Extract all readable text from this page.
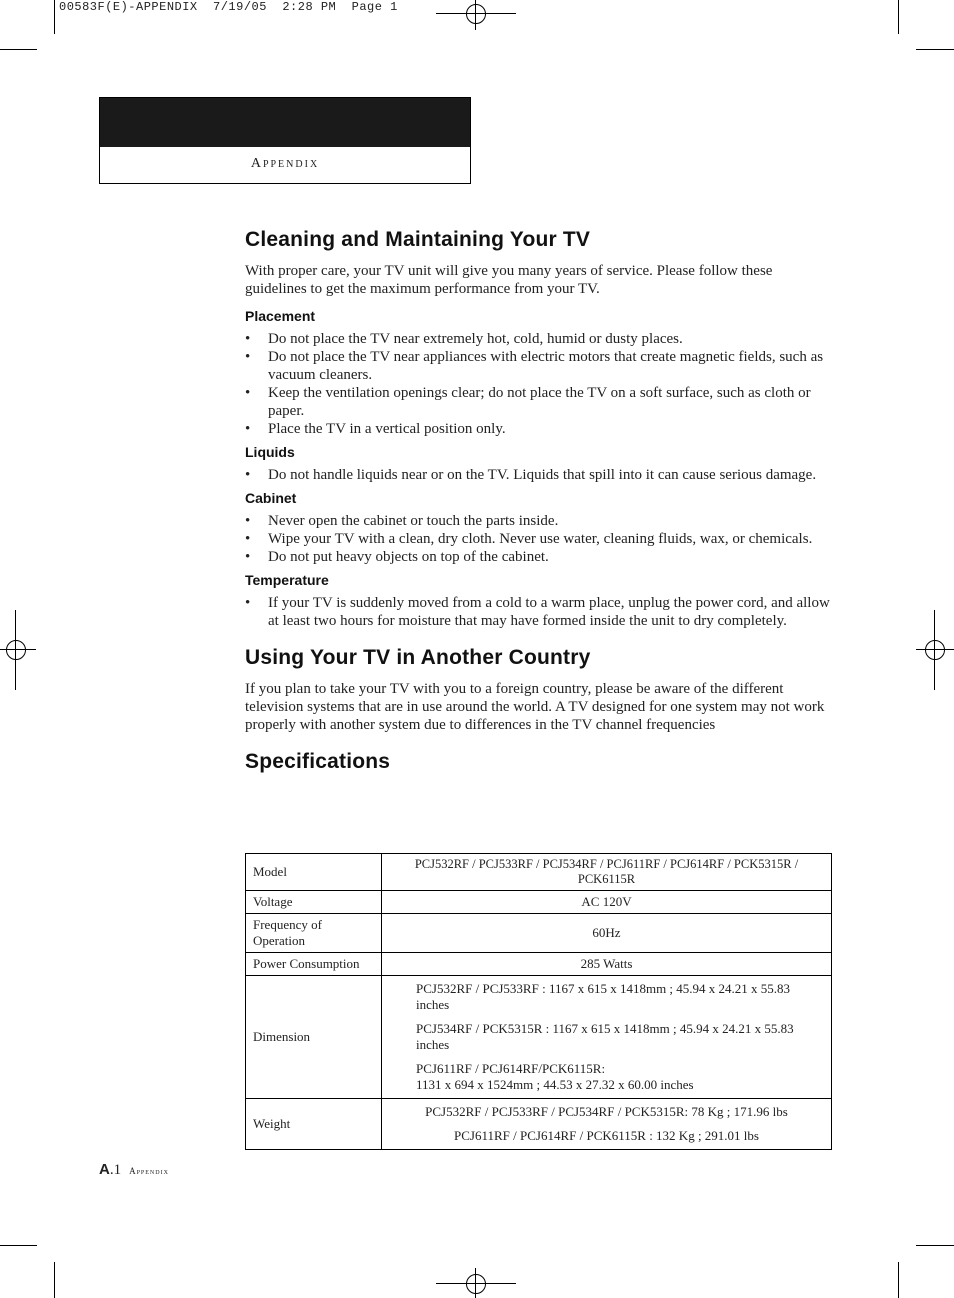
00583F(E)-APPENDIX  7/19/05  2:28 PM  Page 1
Appendix
Cleaning and Maintaining Your TV

With proper care, your TV unit will give you many years of service. Please follow these guidelines to get the maximum performance from your TV.

Placement
• Do not place the TV near extremely hot, cold, humid or dusty places.
• Do not place the TV near appliances with electric motors that create magnetic fields, such as vacuum cleaners.
• Keep the ventilation openings clear; do not place the TV on a soft surface, such as cloth or paper.
• Place the TV in a vertical position only.
Liquids
• Do not handle liquids near or on the TV. Liquids that spill into it can cause serious damage.
Cabinet
• Never open the cabinet or touch the parts inside.
• Wipe your TV with a clean, dry cloth. Never use water, cleaning fluids, wax, or chemicals.
• Do not put heavy objects on top of the cabinet.
Temperature
• If your TV is suddenly moved from a cold to a warm place, unplug the power cord, and allow at least two hours for moisture that may have formed inside the unit to dry completely.
Using Your TV in Another Country

If you plan to take your TV with you to a foreign country, please be aware of the different television systems that are in use around the world. A TV designed for one system may not work properly with another system due to differences in the TV channel frequencies

Specifications
Model	PCJ532RF / PCJ533RF / PCJ534RF / PCJ611RF / PCJ614RF / PCK5315R / PCK6115R
Voltage	AC 120V
Frequency of Operation	60Hz
Power Consumption	285 Watts
Dimension	PCJ532RF / PCJ533RF : 1167 x 615 x 1418mm ; 45.94 x 24.21 x 55.83 inches
PCJ534RF / PCK5315R : 1167 x 615 x 1418mm ; 45.94 x 24.21 x 55.83 inches
PCJ611RF / PCJ614RF/PCK6115R:
1131 x 694 x 1524mm ; 44.53 x 27.32 x 60.00 inches

Weight	PCJ532RF / PCJ533RF / PCJ534RF / PCK5315R: 78 Kg ; 171.96 lbs
PCJ611RF / PCJ614RF / PCK6115R : 132 Kg ; 291.01 lbs
A.1 Appendix
